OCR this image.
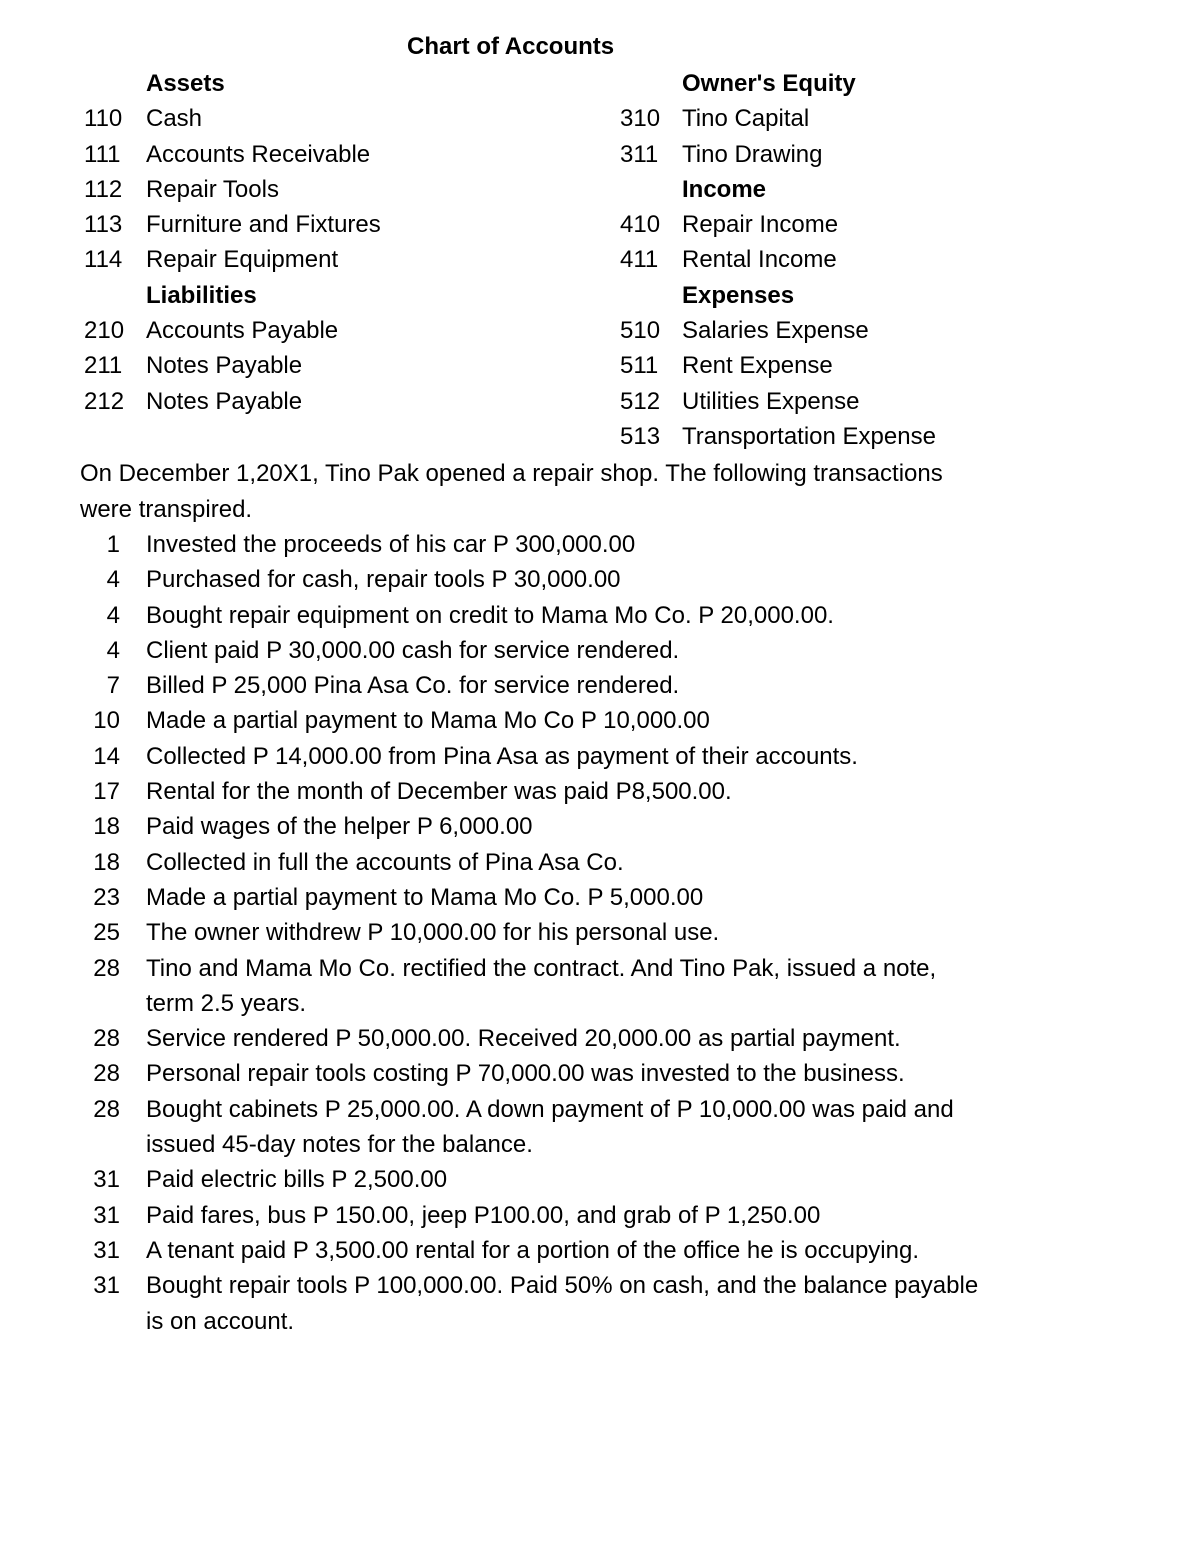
Chart of Accounts
Assets
110 Cash
111 Accounts Receivable
112 Repair Tools
113 Furniture and Fixtures
114 Repair Equipment
Liabilities
210 Accounts Payable
211 Notes Payable
212 Notes Payable
Owner's Equity
310 Tino Capital
311 Tino Drawing
Income
410 Repair Income
411 Rental Income
Expenses
510 Salaries Expense
511 Rent Expense
512 Utilities Expense
513 Transportation Expense
On December 1,20X1, Tino Pak opened a repair shop. The following transactions were transpired.
1 Invested the proceeds of his car P 300,000.00
4 Purchased for cash, repair tools P 30,000.00
4 Bought repair equipment on credit to Mama Mo Co. P 20,000.00.
4 Client paid P 30,000.00 cash for service rendered.
7 Billed P 25,000 Pina Asa Co. for service rendered.
10 Made a partial payment to Mama Mo Co P 10,000.00
14 Collected P 14,000.00 from Pina Asa as payment of their accounts.
17 Rental for the month of December was paid P8,500.00.
18 Paid wages of the helper P 6,000.00
18 Collected in full the accounts of Pina Asa Co.
23 Made a partial payment to Mama Mo Co. P 5,000.00
25 The owner withdrew P 10,000.00 for his personal use.
28 Tino and Mama Mo Co. rectified the contract. And Tino Pak, issued a note, term 2.5 years.
28 Service rendered P 50,000.00. Received 20,000.00 as partial payment.
28 Personal repair tools costing P 70,000.00 was invested to the business.
28 Bought cabinets P 25,000.00. A down payment of P 10,000.00 was paid and issued 45-day notes for the balance.
31 Paid electric bills P 2,500.00
31 Paid fares, bus P 150.00, jeep P100.00, and grab of P 1,250.00
31 A tenant paid P 3,500.00 rental for a portion of the office he is occupying.
31 Bought repair tools P 100,000.00. Paid 50% on cash, and the balance payable is on account.
